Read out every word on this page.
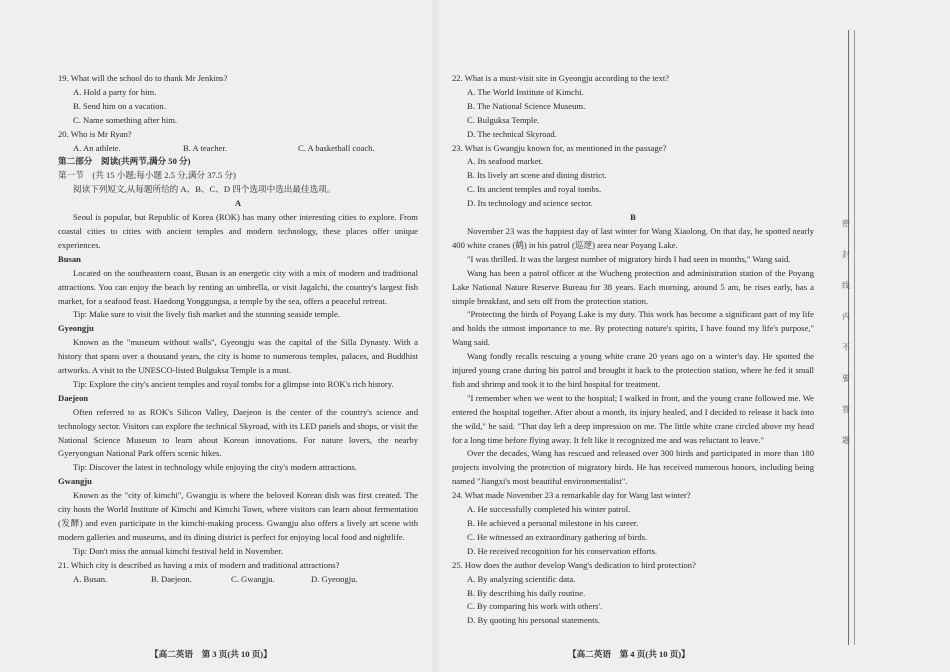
19. What will the school do to thank Mr Jenkins?
A. Hold a party for him.
B. Send him on a vacation.
C. Name something after him.
20. Who is Mr Ryan?
A. An athlete.	B. A teacher.	C. A basketball coach.
第二部分　阅读(共两节,满分 50 分)
第一节　(共 15 小题;每小题 2.5 分,满分 37.5 分)
阅读下列短文,从每题所给的 A、B、C、D 四个选项中选出最佳选项。
A
Seoul is popular, but Republic of Korea (ROK) has many other interesting cities to explore. From coastal cities to cities with ancient temples and modern technology, these places offer unique experiences.
Busan
Located on the southeastern coast, Busan is an energetic city with a mix of modern and traditional attractions. You can enjoy the beach by renting an umbrella, or visit Jagalchi, the country's largest fish market, for a seafood feast. Haedong Yonggungsa, a temple by the sea, offers a peaceful retreat.
Tip: Make sure to visit the lively fish market and the stunning seaside temple.
Gyeongju
Known as the "museum without walls", Gyeongju was the capital of the Silla Dynasty. With a history that spans over a thousand years, the city is home to numerous temples, palaces, and Buddhist artworks. A visit to the UNESCO-listed Bulguksa Temple is a must.
Tip: Explore the city's ancient temples and royal tombs for a glimpse into ROK's rich history.
Daejeon
Often referred to as ROK's Silicon Valley, Daejeon is the center of the country's science and technology sector. Visitors can explore the technical Skyroad, with its LED panels and shops, or visit the National Science Museum to learn about Korean innovations. For nature lovers, the nearby Gyeryongsan National Park offers scenic hikes.
Tip: Discover the latest in technology while enjoying the city's modern attractions.
Gwangju
Known as the "city of kimchi", Gwangju is where the beloved Korean dish was first created. The city hosts the World Institute of Kimchi and Kimchi Town, where visitors can learn about fermentation (发酵) and even participate in the kimchi-making process. Gwangju also offers a lively art scene with modern galleries and museums, and its dining district is perfect for enjoying local food and nightlife.
Tip: Don't miss the annual kimchi festival held in November.
21. Which city is described as having a mix of modern and traditional attractions?
A. Busan.	B. Daejeon.	C. Gwangju.	D. Gyeongju.
【高二英语　第 3 页(共 10 页)】
22. What is a must-visit site in Gyeongju according to the text?
A. The World Institute of Kimchi.
B. The National Science Museum.
C. Bulguksa Temple.
D. The technical Skyroad.
23. What is Gwangju known for, as mentioned in the passage?
A. Its seafood market.
B. Its lively art scene and dining district.
C. Its ancient temples and royal tombs.
D. Its technology and science sector.
B
November 23 was the happiest day of last winter for Wang Xiaolong. On that day, he spotted nearly 400 white cranes (鹤) in his patrol (巡逻) area near Poyang Lake.
"I was thrilled. It was the largest number of migratory birds I had seen in months," Wang said.
Wang has been a patrol officer at the Wucheng protection and administration station of the Poyang Lake National Nature Reserve Bureau for 38 years. Each morning, around 5 am, he rises early, has a simple breakfast, and sets off from the protection station.
"Protecting the birds of Poyang Lake is my duty. This work has become a significant part of my life and holds the utmost importance to me. By protecting nature's spirits, I have found my life's purpose," Wang said.
Wang fondly recalls rescuing a young white crane 20 years ago on a winter's day. He spotted the injured young crane during his patrol and brought it back to the protection station, where he fed it small fish and shrimp and took it to the bird hospital for treatment.
"I remember when we went to the hospital; I walked in front, and the young crane followed me. We entered the hospital together. After about a month, its injury healed, and I decided to release it back into the wild," he said. "That day left a deep impression on me. The little white crane circled above my head for a long time before flying away. It felt like it recognized me and was reluctant to leave."
Over the decades, Wang has rescued and released over 300 birds and participated in more than 180 projects involving the protection of migratory birds. He has received numerous honors, including being named "Jiangxi's most beautiful environmentalist".
24. What made November 23 a remarkable day for Wang last winter?
A. He successfully completed his winter patrol.
B. He achieved a personal milestone in his career.
C. He witnessed an extraordinary gathering of birds.
D. He received recognition for his conservation efforts.
25. How does the author develop Wang's dedication to bird protection?
A. By analyzing scientific data.
B. By describing his daily routine.
C. By comparing his work with others'.
D. By quoting his personal statements.
【高二英语　第 4 页(共 10 页)】
密
封
线
内
不
要
答
题
